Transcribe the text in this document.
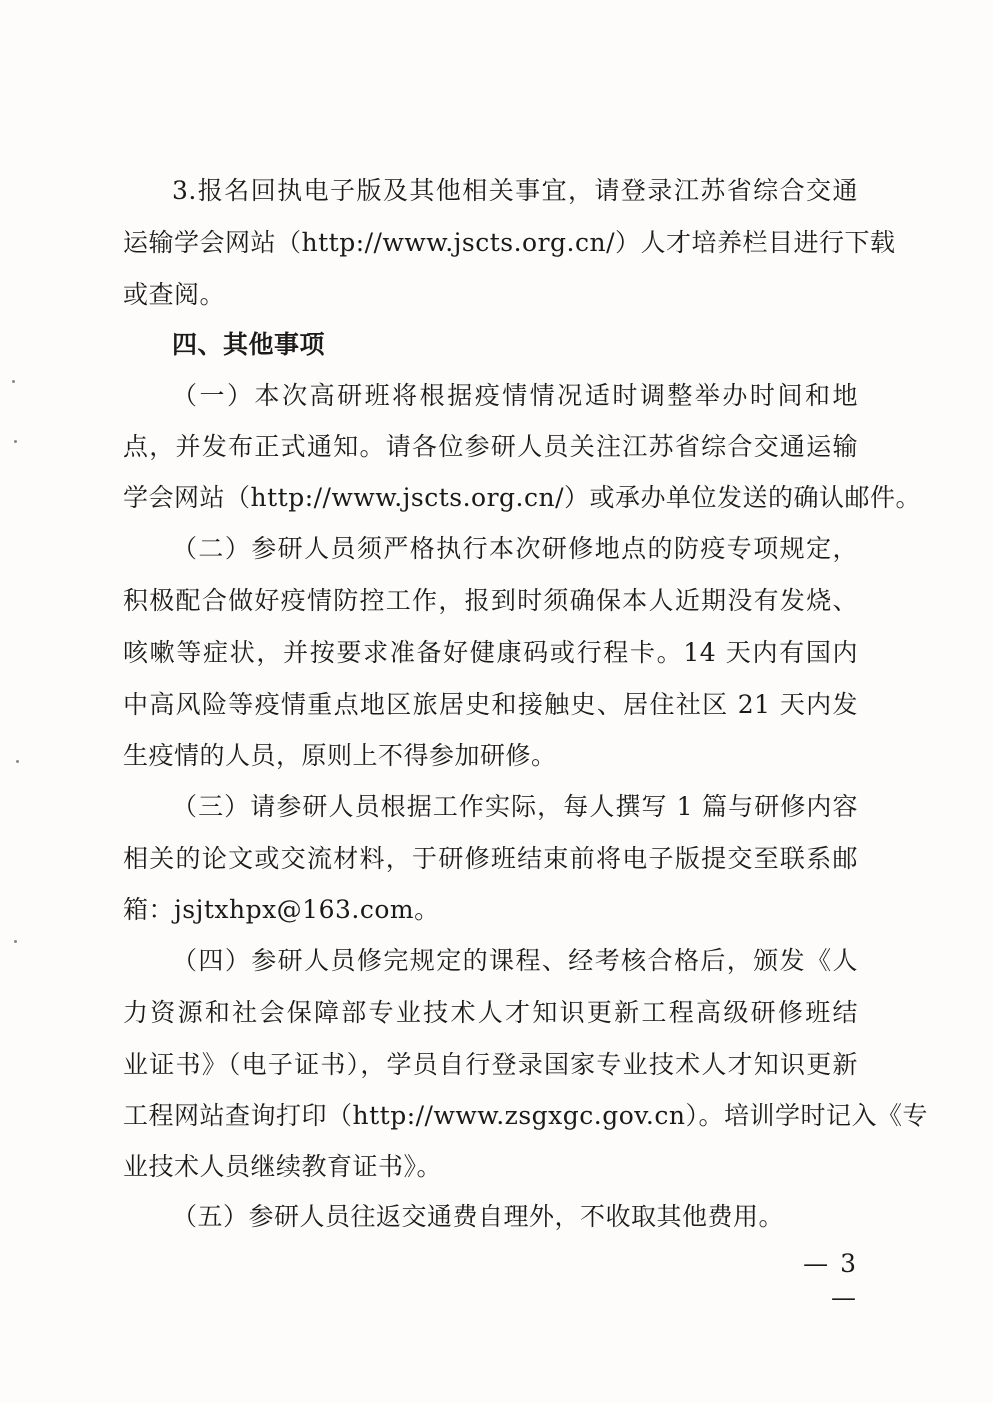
3.报名回执电子版及其他相关事宜，请登录江苏省综合交通
运输学会网站（http://www.jscts.org.cn/）人才培养栏目进行下载
或查阅。
四、其他事项
（一）本次高研班将根据疫情情况适时调整举办时间和地
点，并发布正式通知。请各位参研人员关注江苏省综合交通运输
学会网站（http://www.jscts.org.cn/）或承办单位发送的确认邮件。
（二）参研人员须严格执行本次研修地点的防疫专项规定，
积极配合做好疫情防控工作，报到时须确保本人近期没有发烧、
咳嗽等症状，并按要求准备好健康码或行程卡。14 天内有国内
中高风险等疫情重点地区旅居史和接触史、居住社区 21 天内发
生疫情的人员，原则上不得参加研修。
（三）请参研人员根据工作实际，每人撰写 1 篇与研修内容
相关的论文或交流材料，于研修班结束前将电子版提交至联系邮
箱：jsjtxhpx@163.com。
（四）参研人员修完规定的课程、经考核合格后，颁发《人
力资源和社会保障部专业技术人才知识更新工程高级研修班结
业证书》（电子证书），学员自行登录国家专业技术人才知识更新
工程网站查询打印（http://www.zsgxgc.gov.cn）。培训学时记入《专
业技术人员继续教育证书》。
（五）参研人员往返交通费自理外，不收取其他费用。
— 3 —
